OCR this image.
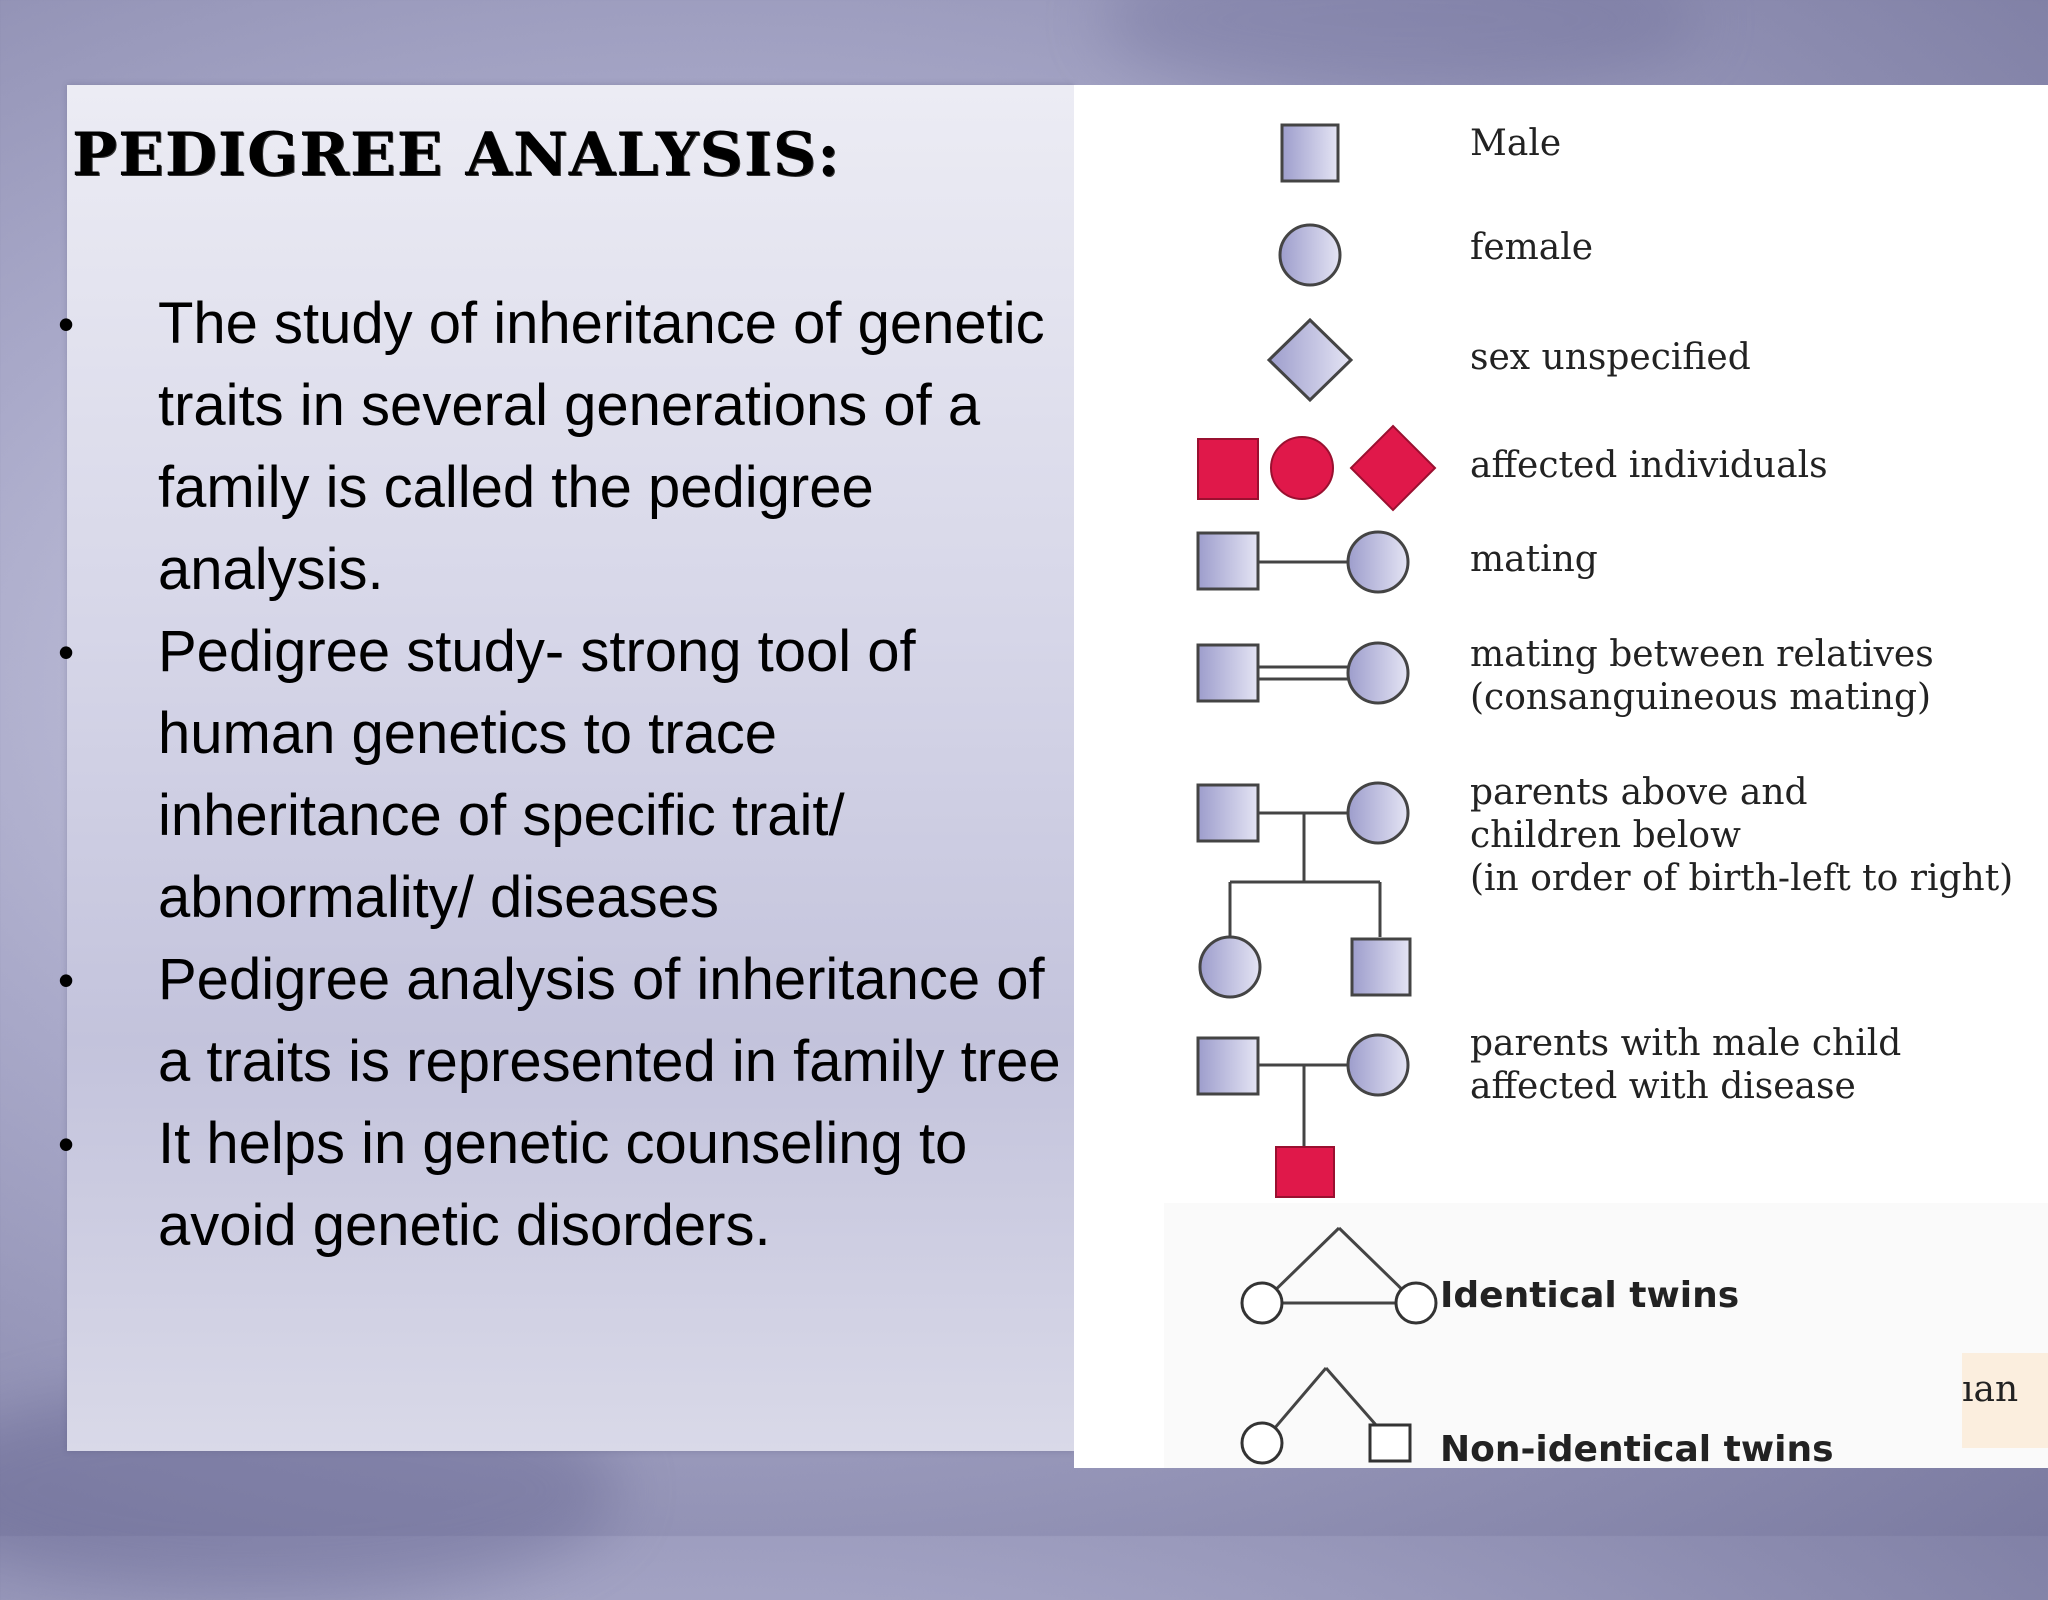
PEDIGREE ANALYSIS:
• The study of inheritance of genetic traits in several generations of a family is called the pedigree analysis.
• Pedigree study- strong tool of human genetics to trace inheritance of specific trait/ abnormality/ diseases
• Pedigree analysis of inheritance of a traits is represented in family tree
• It helps in genetic counseling to avoid genetic disorders.
Male
female
sex unspecified
affected individuals
mating
mating between relatives
(consanguineous mating)
parents above and
children below
(in order of birth-left to right)
parents with male child
affected with disease
Identical twins
Non-identical twins
ıan
